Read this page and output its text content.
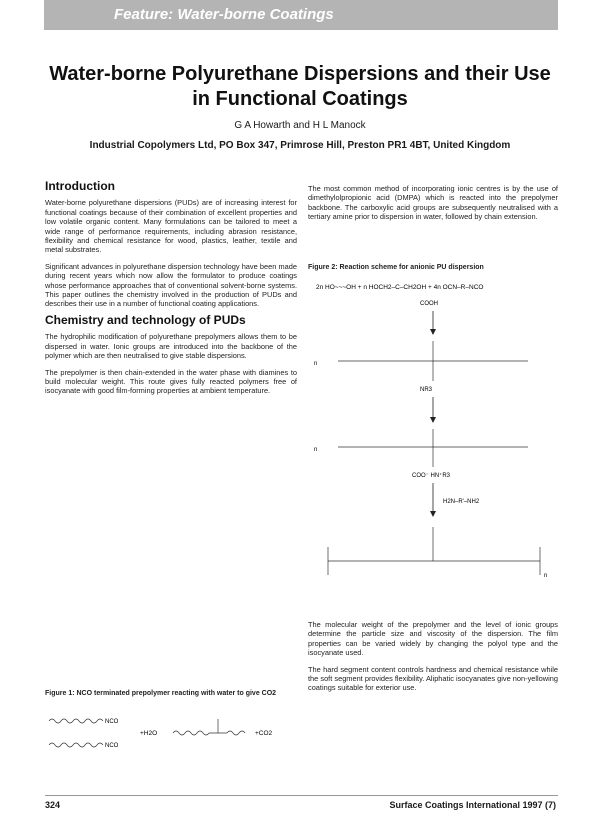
Feature: Water-borne Coatings

Water-borne Polyurethane Dispersions and their Use
in Functional Coatings
G A Howarth and H L Manock
Industrial Copolymers Ltd, PO Box 347, Primrose Hill, Preston PR1 4BT, United Kingdom

Introduction

Water-borne polyurethane dispersions (PUDs) are of increasing interest for functional coatings because of their combination of excellent properties and low volatile organic content. Many formulations can be tailored to meet a wide range of performance requirements, including abrasion resistance, flexibility and chemical resistance for wood, plastics, leather, textile and metal substrates.

Significant advances in polyurethane dispersion technology have been made during recent years which now allow the formulator to produce coatings whose performance approaches that of conventional solvent-borne systems. This paper outlines the chemistry involved in the production of PUDs and describes their use in a number of functional coating applications.

Chemistry and technology of PUDs

The hydrophilic modification of polyurethane prepolymers allows them to be dispersed in water. Ionic groups are introduced into the backbone of the polymer which are then neutralised to give stable dispersions.

The prepolymer is then chain-extended in the water phase with diamines to build molecular weight. This route gives fully reacted polymers free of isocyanate with good film-forming properties at ambient temperature.

The most common method of incorporating ionic centres is by the use of dimethylolpropionic acid (DMPA) which is reacted into the prepolymer backbone. The carboxylic acid groups are subsequently neutralised with a tertiary amine prior to dispersion in water, followed by chain extension.

Figure 2: Reaction scheme for anionic PU dispersion

2n HO~~~OH + n HOCH2–C–CH2OH + 4n OCN–R–NCO
COOH
n
NR3
n
COO⁻ HN⁺R3
H2N–R'–NH2
n

The molecular weight of the prepolymer and the level of ionic groups determine the particle size and viscosity of the dispersion. The film properties can be varied widely by changing the polyol type and the isocyanate used.

The hard segment content controls hardness and chemical resistance while the soft segment provides flexibility. Aliphatic isocyanates give non-yellowing coatings suitable for exterior use.

Figure 1: NCO terminated prepolymer reacting with water to give CO2

NCO
NCO
+H2O	+CO2
324	Surface Coatings International 1997 (7)
